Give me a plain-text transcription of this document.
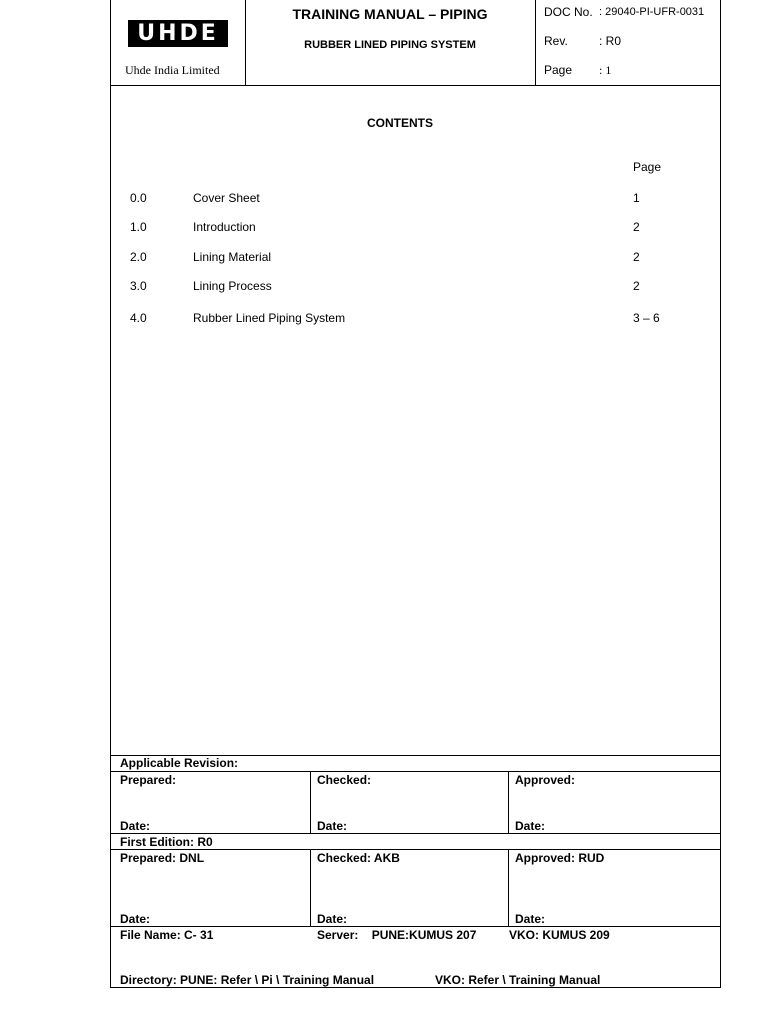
UHDE
Uhde India Limited
TRAINING MANUAL – PIPING
RUBBER LINED PIPING SYSTEM
DOC No. : 29040-PI-UFR-0031
Rev.	: R0
Page : 1
CONTENTS
Page
0.0	Cover Sheet	1
1.0	Introduction	2
2.0	Lining Material	2
3.0	Lining Process	2
4.0	Rubber Lined Piping System	3 – 6
Applicable Revision:
Prepared:	Checked:	Approved:
Date:	Date:	Date:
First Edition: R0
Prepared: DNL	Checked: AKB	Approved: RUD
Date:	Date:	Date:
File Name: C- 31	Server:    PUNE:KUMUS 207	VKO: KUMUS 209
Directory: PUNE: Refer \ Pi \ Training Manual	VKO: Refer \ Training Manual
